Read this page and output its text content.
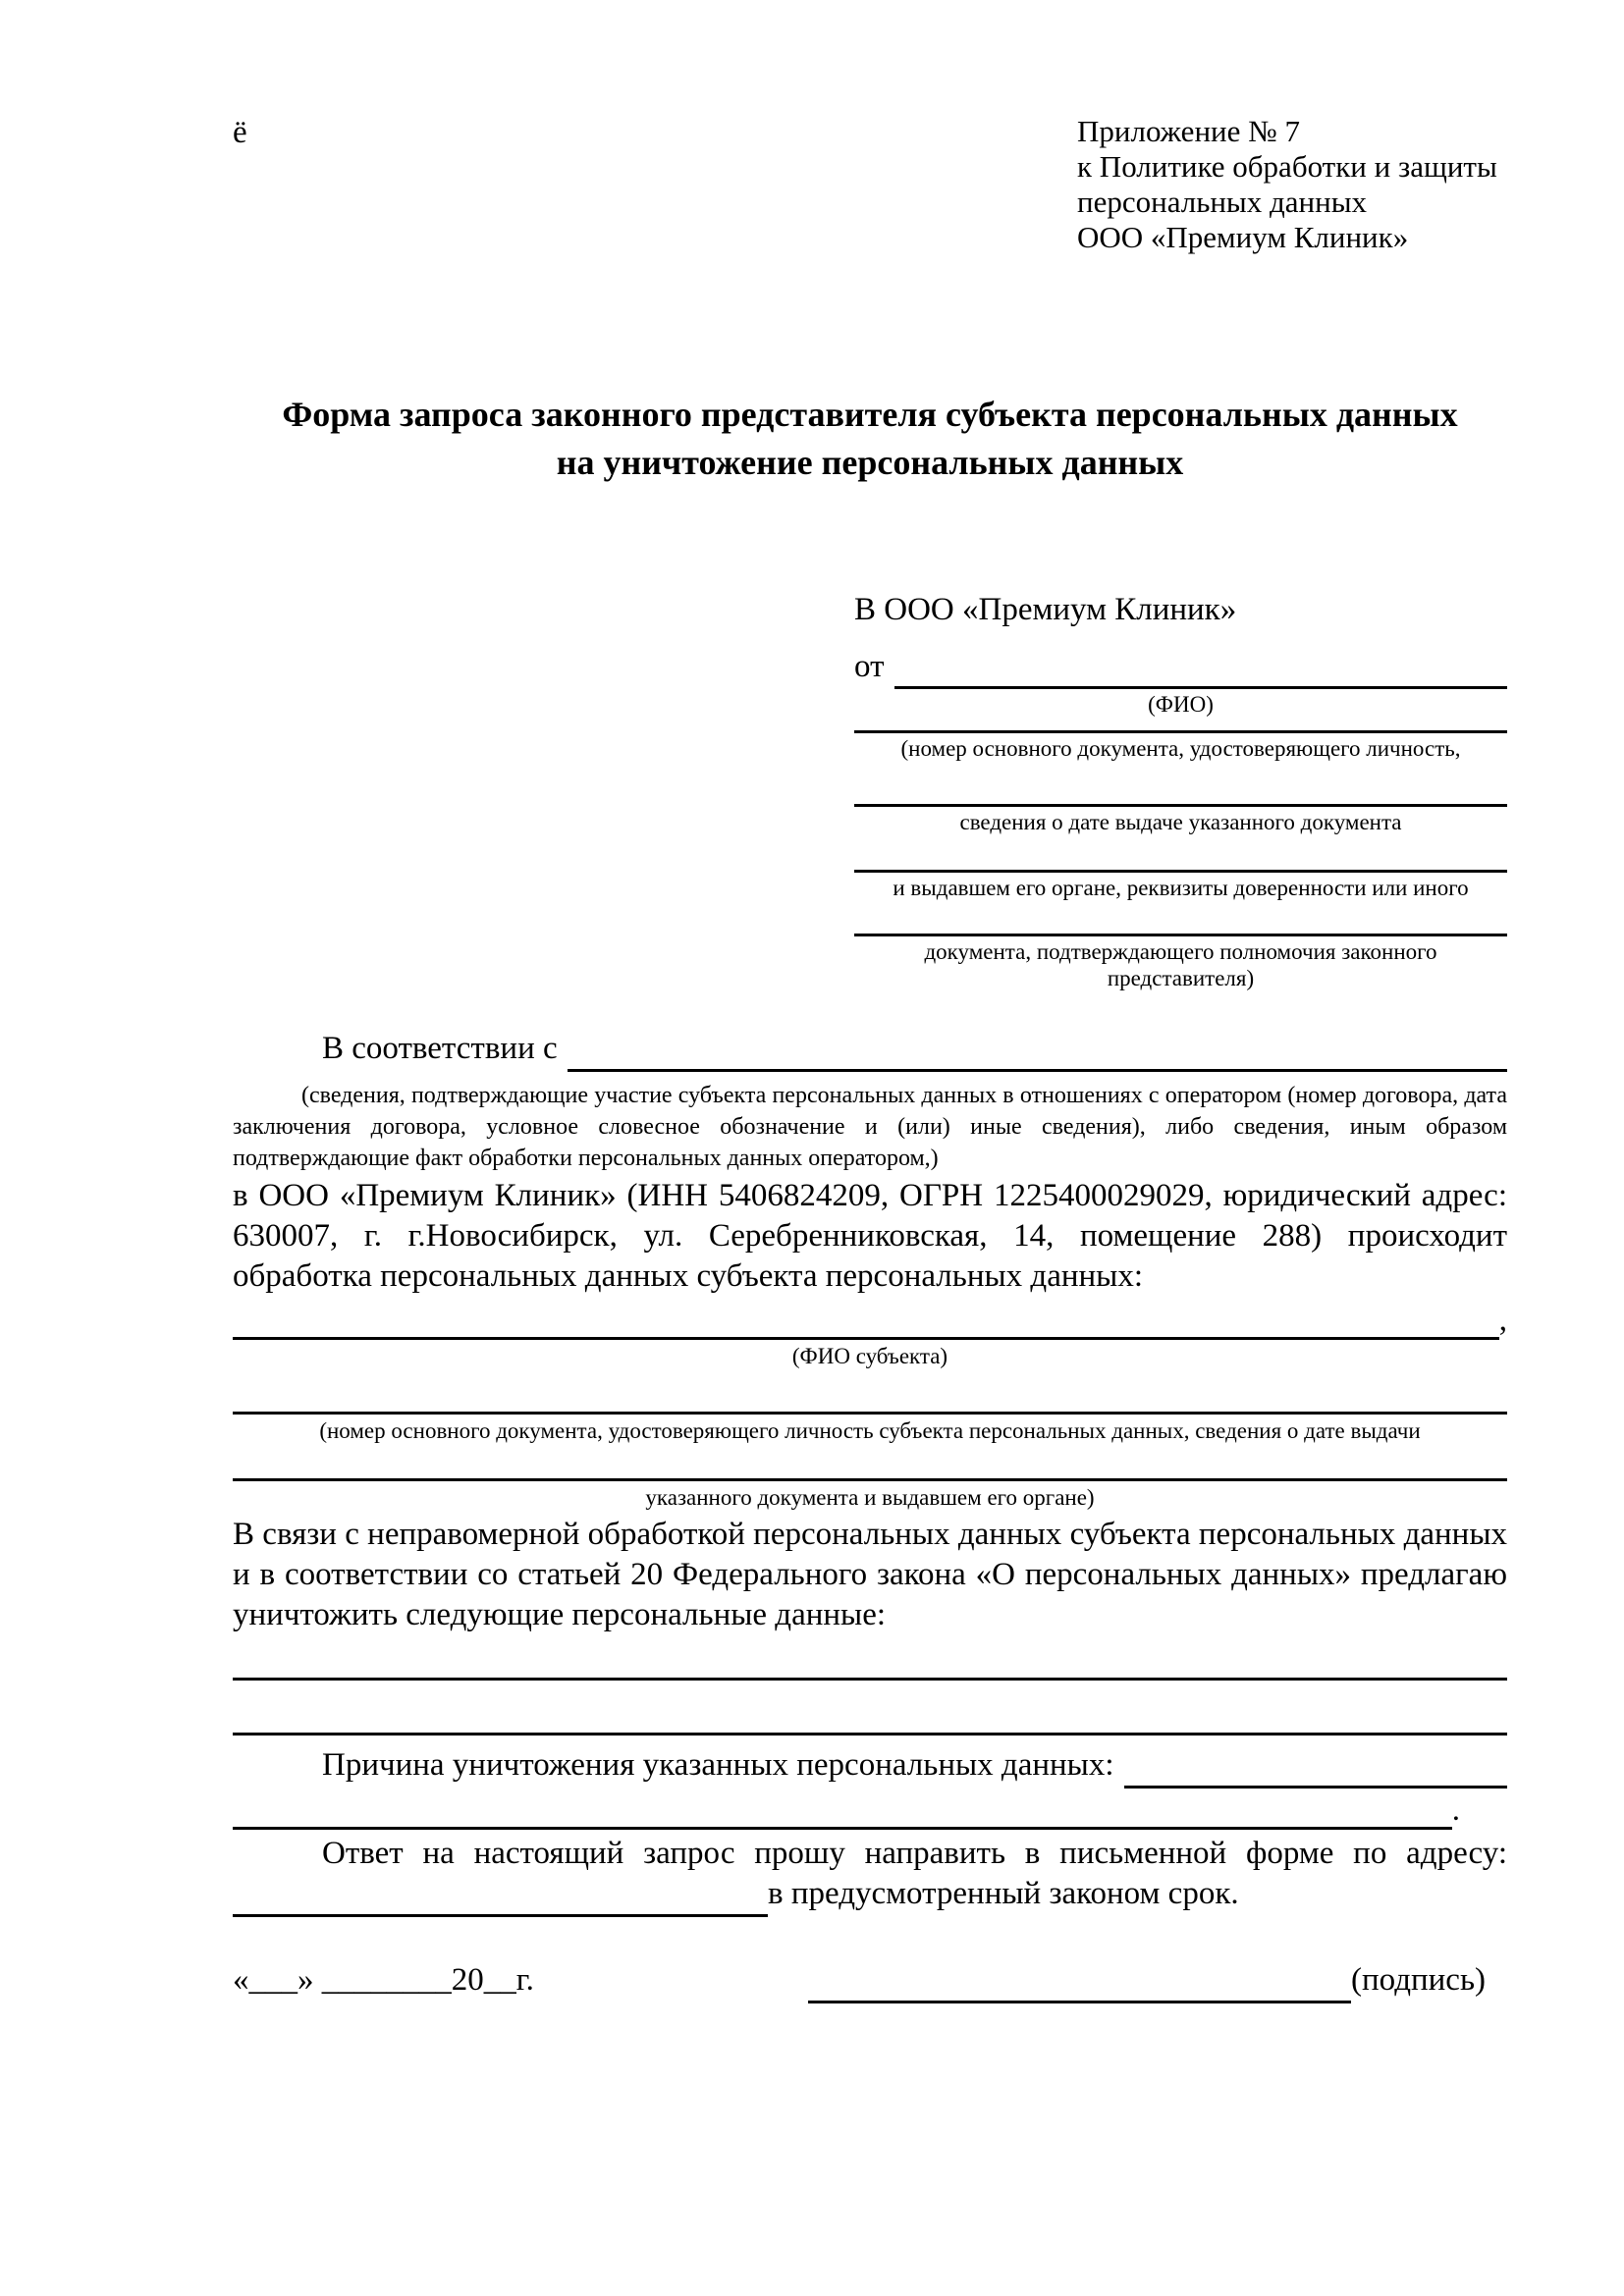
ё	Приложение № 7
к Политике обработки и защиты
персональных данных
ООО «Премиум Клиник»
Форма запроса законного представителя субъекта персональных данных
на уничтожение персональных данных
В ООО «Премиум Клиник»
от
(ФИО)
(номер основного документа, удостоверяющего личность,
сведения о дате выдаче указанного документа
и выдавшем его органе, реквизиты доверенности или иного
документа, подтверждающего полномочия законного представителя)
В соответствии с
(сведения, подтверждающие участие субъекта персональных данных в отношениях с оператором (номер договора, дата заключения договора, условное словесное обозначение и (или) иные сведения), либо сведения, иным образом подтверждающие факт обработки персональных данных оператором,)
в ООО «Премиум Клиник» (ИНН 5406824209, ОГРН 1225400029029, юридический адрес: 630007, г. г.Новосибирск, ул. Серебренниковская, 14, помещение 288) происходит обработка персональных данных субъекта персональных данных:
,
(ФИО субъекта)
(номер основного документа, удостоверяющего личность субъекта персональных данных, сведения о дате выдачи
указанного документа и выдавшем его органе)
В связи с неправомерной обработкой персональных данных субъекта персональных данных и в соответствии со статьей 20 Федерального закона «О персональных данных» предлагаю уничтожить следующие персональные данные:
Причина уничтожения указанных персональных данных:
.
Ответ на настоящий запрос прошу направить в письменной форме по адресу:
в предусмотренный законом срок.
«___» ________20__г.	(подпись)
